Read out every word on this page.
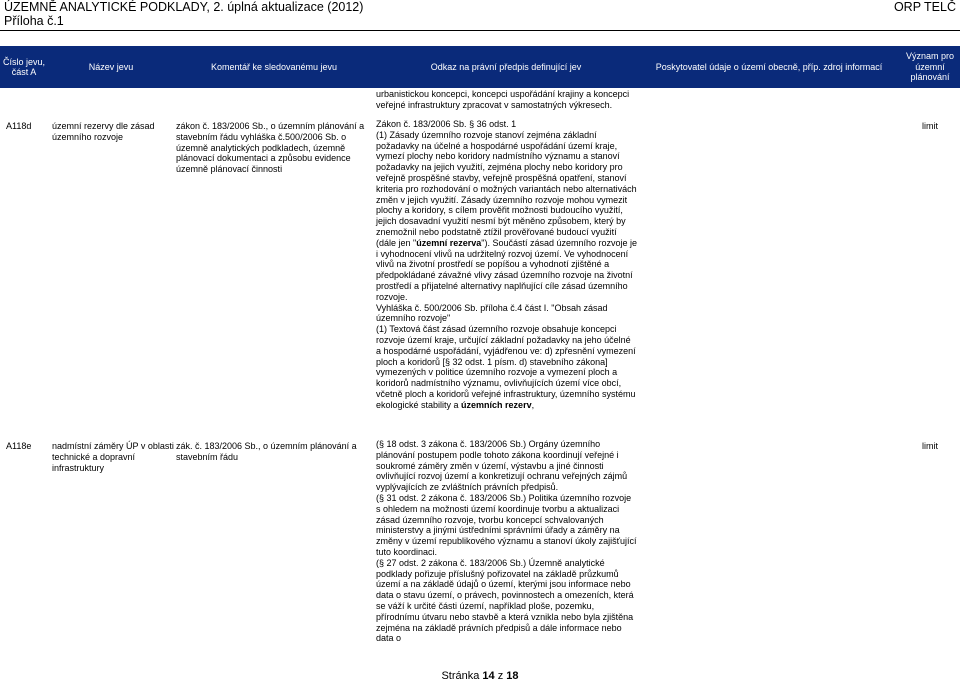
ÚZEMNĚ ANALYTICKÉ PODKLADY, 2. úplná aktualizace (2012)
Příloha č.1
ORP TELČ
Číslo jevu, část A	Název jevu	Komentář ke sledovanému jevu	Odkaz na právní předpis definující jev	Poskytovatel údaje o území obecně, příp. zdroj informací	Význam pro územní plánování

			urbanistickou koncepci, koncepci uspořádání krajiny a koncepci veřejné infrastruktury zpracovat v samostatných výkresech.		

A118d	územní rezervy dle zásad územního rozvoje	zákon č. 183/2006 Sb., o územním plánování a stavebním řádu vyhláška č.500/2006 Sb. o územně analytických podkladech, územně plánovací dokumentaci a způsobu evidence územně plánovací činnosti	Zákon č. 183/2006 Sb. § 36 odst. 1
(1) Zásady územního rozvoje stanoví zejména základní požadavky na účelné a hospodárné uspořádání území kraje, vymezí plochy nebo koridory nadmístního významu a stanoví požadavky na jejich využití, zejména plochy nebo koridory pro veřejně prospěšné stavby, veřejně prospěšná opatření, stanoví kriteria pro rozhodování o možných variantách nebo alternativách změn v jejich využití. Zásady územního rozvoje mohou vymezit plochy a koridory, s cílem prověřit možnosti budoucího využití, jejich dosavadní využití nesmí být měněno způsobem, který by znemožnil nebo podstatně ztížil prověřované budoucí využití (dále jen "územní rezerva"). Součástí zásad územního rozvoje je i vyhodnocení vlivů na udržitelný rozvoj území. Ve vyhodnocení vlivů na životní prostředí se popíšou a vyhodnotí zjištěné a předpokládané závažné vlivy zásad územního rozvoje na životní prostředí a přijatelné alternativy naplňující cíle zásad územního rozvoje.
Vyhláška č. 500/2006 Sb. příloha č.4 část I. "Obsah zásad územního rozvoje"
(1) Textová část zásad územního rozvoje obsahuje koncepci rozvoje území kraje, určující základní požadavky na jeho účelné a hospodárné uspořádání, vyjádřenou ve: d) zpřesnění vymezení ploch a koridorů [§ 32 odst. 1 písm. d) stavebního zákona] vymezených v politice územního rozvoje a vymezení ploch a koridorů nadmístního významu, ovlivňujících území více obcí, včetně ploch a koridorů veřejné infrastruktury, územního systému ekologické stability a územních rezerv,		limit
A118e	nadmístní záměry ÚP v oblasti technické a dopravní infrastruktury	zák. č. 183/2006 Sb., o územním plánování a stavebním řádu	(§ 18 odst. 3 zákona č. 183/2006 Sb.) Orgány územního plánování postupem podle tohoto zákona koordinují veřejné i soukromé záměry změn v území, výstavbu a jiné činnosti ovlivňující rozvoj území a konkretizují ochranu veřejných zájmů vyplývajících ze zvláštních právních předpisů.
(§ 31 odst. 2 zákona č. 183/2006 Sb.) Politika územního rozvoje s ohledem na možnosti území koordinuje tvorbu a aktualizaci zásad územního rozvoje, tvorbu koncepcí schvalovaných ministerstvy a jinými ústředními správními úřady a záměry na změny v území republikového významu a stanoví úkoly zajišťující tuto koordinaci.
(§ 27 odst. 2 zákona č. 183/2006 Sb.) Územně analytické podklady pořizuje příslušný pořizovatel na základě průzkumů území a na základě údajů o území, kterými jsou informace nebo data o stavu území, o právech, povinnostech a omezeních, která se váží k určité části území, například ploše, pozemku, přírodnímu útvaru nebo stavbě a která vznikla nebo byla zjištěna zejména na základě právních předpisů a dále informace nebo data o		limit
Stránka 14 z 18
